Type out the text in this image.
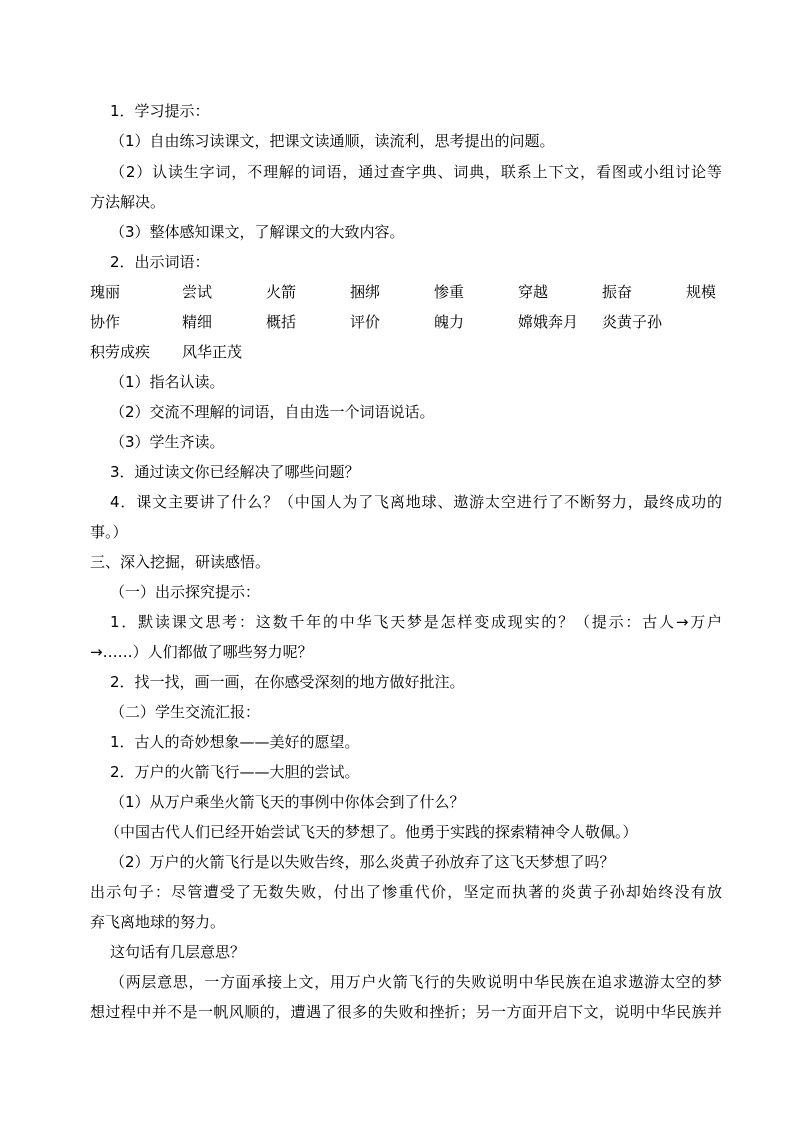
1．学习提示：
（1）自由练习读课文，把课文读通顺，读流利，思考提出的问题。
（2）认读生字词，不理解的词语，通过查字典、词典，联系上下文，看图或小组讨论等
方法解决。
（3）整体感知课文，了解课文的大致内容。
2．出示词语：
瑰丽	尝试	火箭	捆绑	惨重	穿越	振奋	规模
协作	精细	概括	评价	魄力	嫦娥奔月 炎黄子孙
积劳成疾 风华正茂
（1）指名认读。
（2）交流不理解的词语，自由选一个词语说话。
（3）学生齐读。
3．通过读文你已经解决了哪些问题？
4．课文主要讲了什么？（中国人为了飞离地球、遨游太空进行了不断努力，最终成功的
事。）
三、深入挖掘，研读感悟。
（一）出示探究提示：
1．默读课文思考：这数千年的中华飞天梦是怎样变成现实的？（提示：古人→万户
→……）人们都做了哪些努力呢？
2．找一找，画一画，在你感受深刻的地方做好批注。
（二）学生交流汇报：
1．古人的奇妙想象——美好的愿望。
2．万户的火箭飞行——大胆的尝试。
（1）从万户乘坐火箭飞天的事例中你体会到了什么？
（中国古代人们已经开始尝试飞天的梦想了。他勇于实践的探索精神令人敬佩。）
（2）万户的火箭飞行是以失败告终，那么炎黄子孙放弃了这飞天梦想了吗？
出示句子：尽管遭受了无数失败，付出了惨重代价，坚定而执著的炎黄子孙却始终没有放
弃飞离地球的努力。
这句话有几层意思？
（两层意思，一方面承接上文，用万户火箭飞行的失败说明中华民族在追求遨游太空的梦
想过程中并不是一帆风顺的，遭遇了很多的失败和挫折；另一方面开启下文，说明中华民族并
